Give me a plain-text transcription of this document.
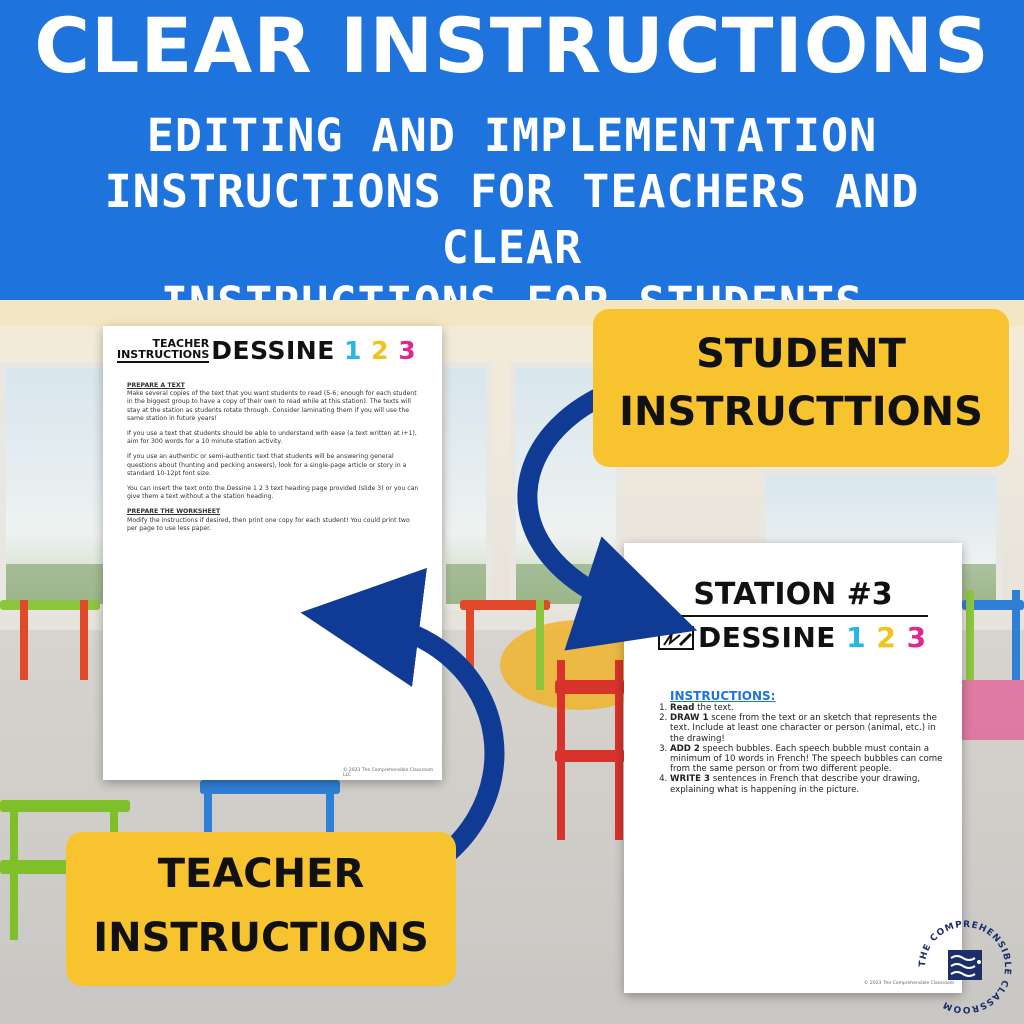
CLEAR INSTRUCTIONS
EDITING AND IMPLEMENTATION
INSTRUCTIONS FOR TEACHERS AND CLEAR
TEACHER
INSTRUCTIONS DESSINE 1 2 3
PREPARE A TEXT

Make several copies of the text that you want students to read (5-6; enough for each student in the biggest group to have a copy of their own to read while at this station). The texts will stay at the station as students rotate through. Consider laminating them if you will use the same station in future years!

If you use a text that students should be able to understand with ease (a text written at i+1), aim for 300 words for a 10 minute station activity.

If you use an authentic or semi-authentic text that students will be answering general questions about (hunting and pecking answers), look for a single-page article or story in a standard 10-12pt font size.

You can insert the text onto the Dessine 1 2 3 text heading page provided (slide 3) or you can give them a text without a the station heading.

PREPARE THE WORKSHEET

Modify the instructions if desired, then print one copy for each student! You could print two per page to use less paper.

© 2023 The Comprehensible Classroom LLC
STATION #3
DESSINE 1 2 3
INSTRUCTIONS:
1. Read the text.
2. DRAW 1 scene from the text or an sketch that represents the text. Include at least one character or person (animal, etc.) in the drawing!
3. ADD 2 speech bubbles. Each speech bubble must contain a minimum of 10 words in French! The speech bubbles can come from the same person or from two different people.
4. WRITE 3 sentences in French that describe your drawing, explaining what is happening in the picture.
© 2023 The Comprehensible Classroom
STUDENT
INSTRUCTTIONS
TEACHER
INSTRUCTIONS
THE COMPREHENSIBLE CLASSROOM
